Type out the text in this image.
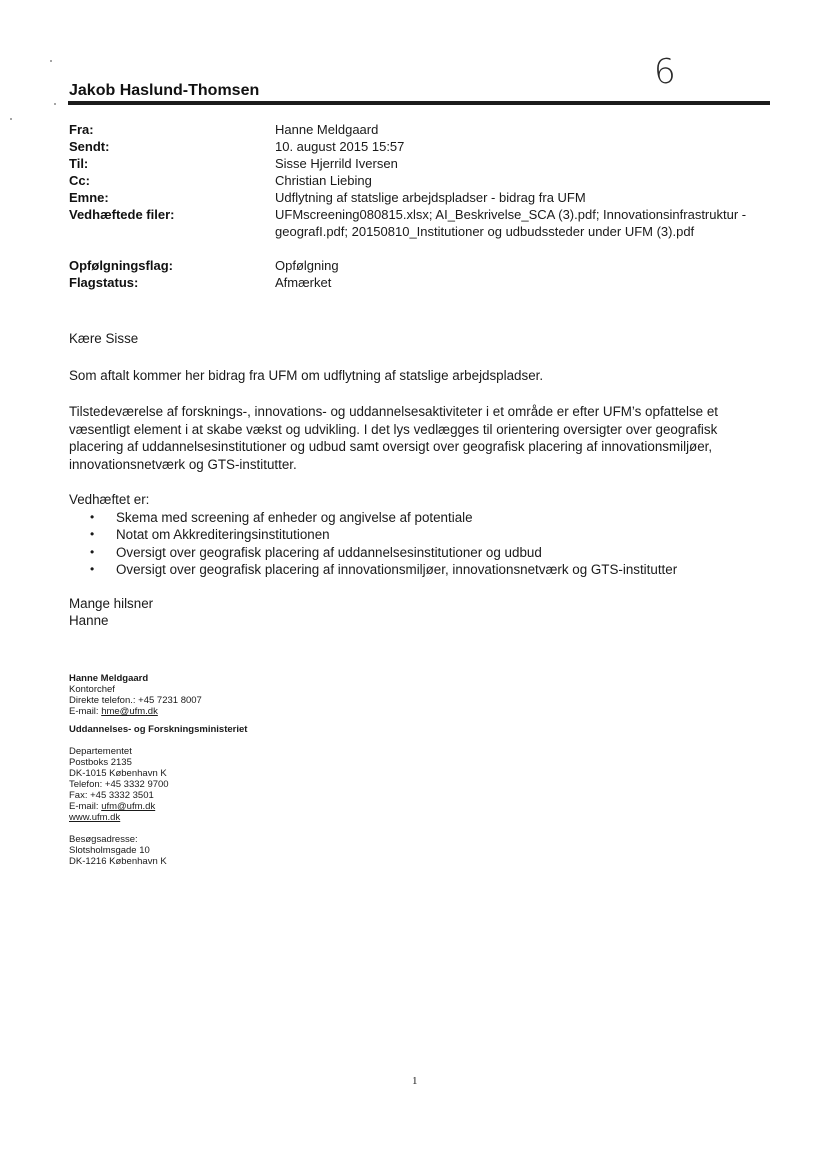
6
Jakob Haslund-Thomsen
Fra:	Hanne Meldgaard
Sendt:	10. august 2015 15:57
Til:	Sisse Hjerrild Iversen
Cc:	Christian Liebing
Emne:	Udflytning af statslige arbejdspladser - bidrag fra UFM
Vedhæftede filer:	UFMscreening080815.xlsx; AI_Beskrivelse_SCA (3).pdf; Innovationsinfrastruktur -
geografI.pdf; 20150810_Institutioner og udbudssteder under UFM (3).pdf
Opfølgningsflag:	Opfølgning
Flagstatus:	Afmærket

Kære Sisse

Som aftalt kommer her bidrag fra UFM om udflytning af statslige arbejdspladser.

Tilstedeværelse af forsknings-, innovations- og uddannelsesaktiviteter i et område er efter UFM’s opfattelse et

væsentligt element i at skabe vækst og udvikling. I det lys vedlægges til orientering oversigter over geografisk

placering af uddannelsesinstitutioner og udbud samt oversigt over geografisk placering af innovationsmiljøer,

innovationsnetværk og GTS-institutter.

Vedhæftet er:

• Skema med screening af enheder og angivelse af potentiale
• Notat om Akkrediteringsinstitutionen
• Oversigt over geografisk placering af uddannelsesinstitutioner og udbud
• Oversigt over geografisk placering af innovationsmiljøer, innovationsnetværk og GTS-institutter

Mange hilsner

Hanne

Hanne Meldgaard
Kontorchef
Direkte telefon.: +45 7231 8007
E-mail: hme@ufm.dk
Uddannelses- og Forskningsministeriet
Departementet
Postboks 2135
DK-1015 København K
Telefon: +45 3332 9700
Fax: +45 3332 3501
E-mail: ufm@ufm.dk
www.ufm.dk
Besøgsadresse:
Slotsholmsgade 10
DK-1216 København K
1
